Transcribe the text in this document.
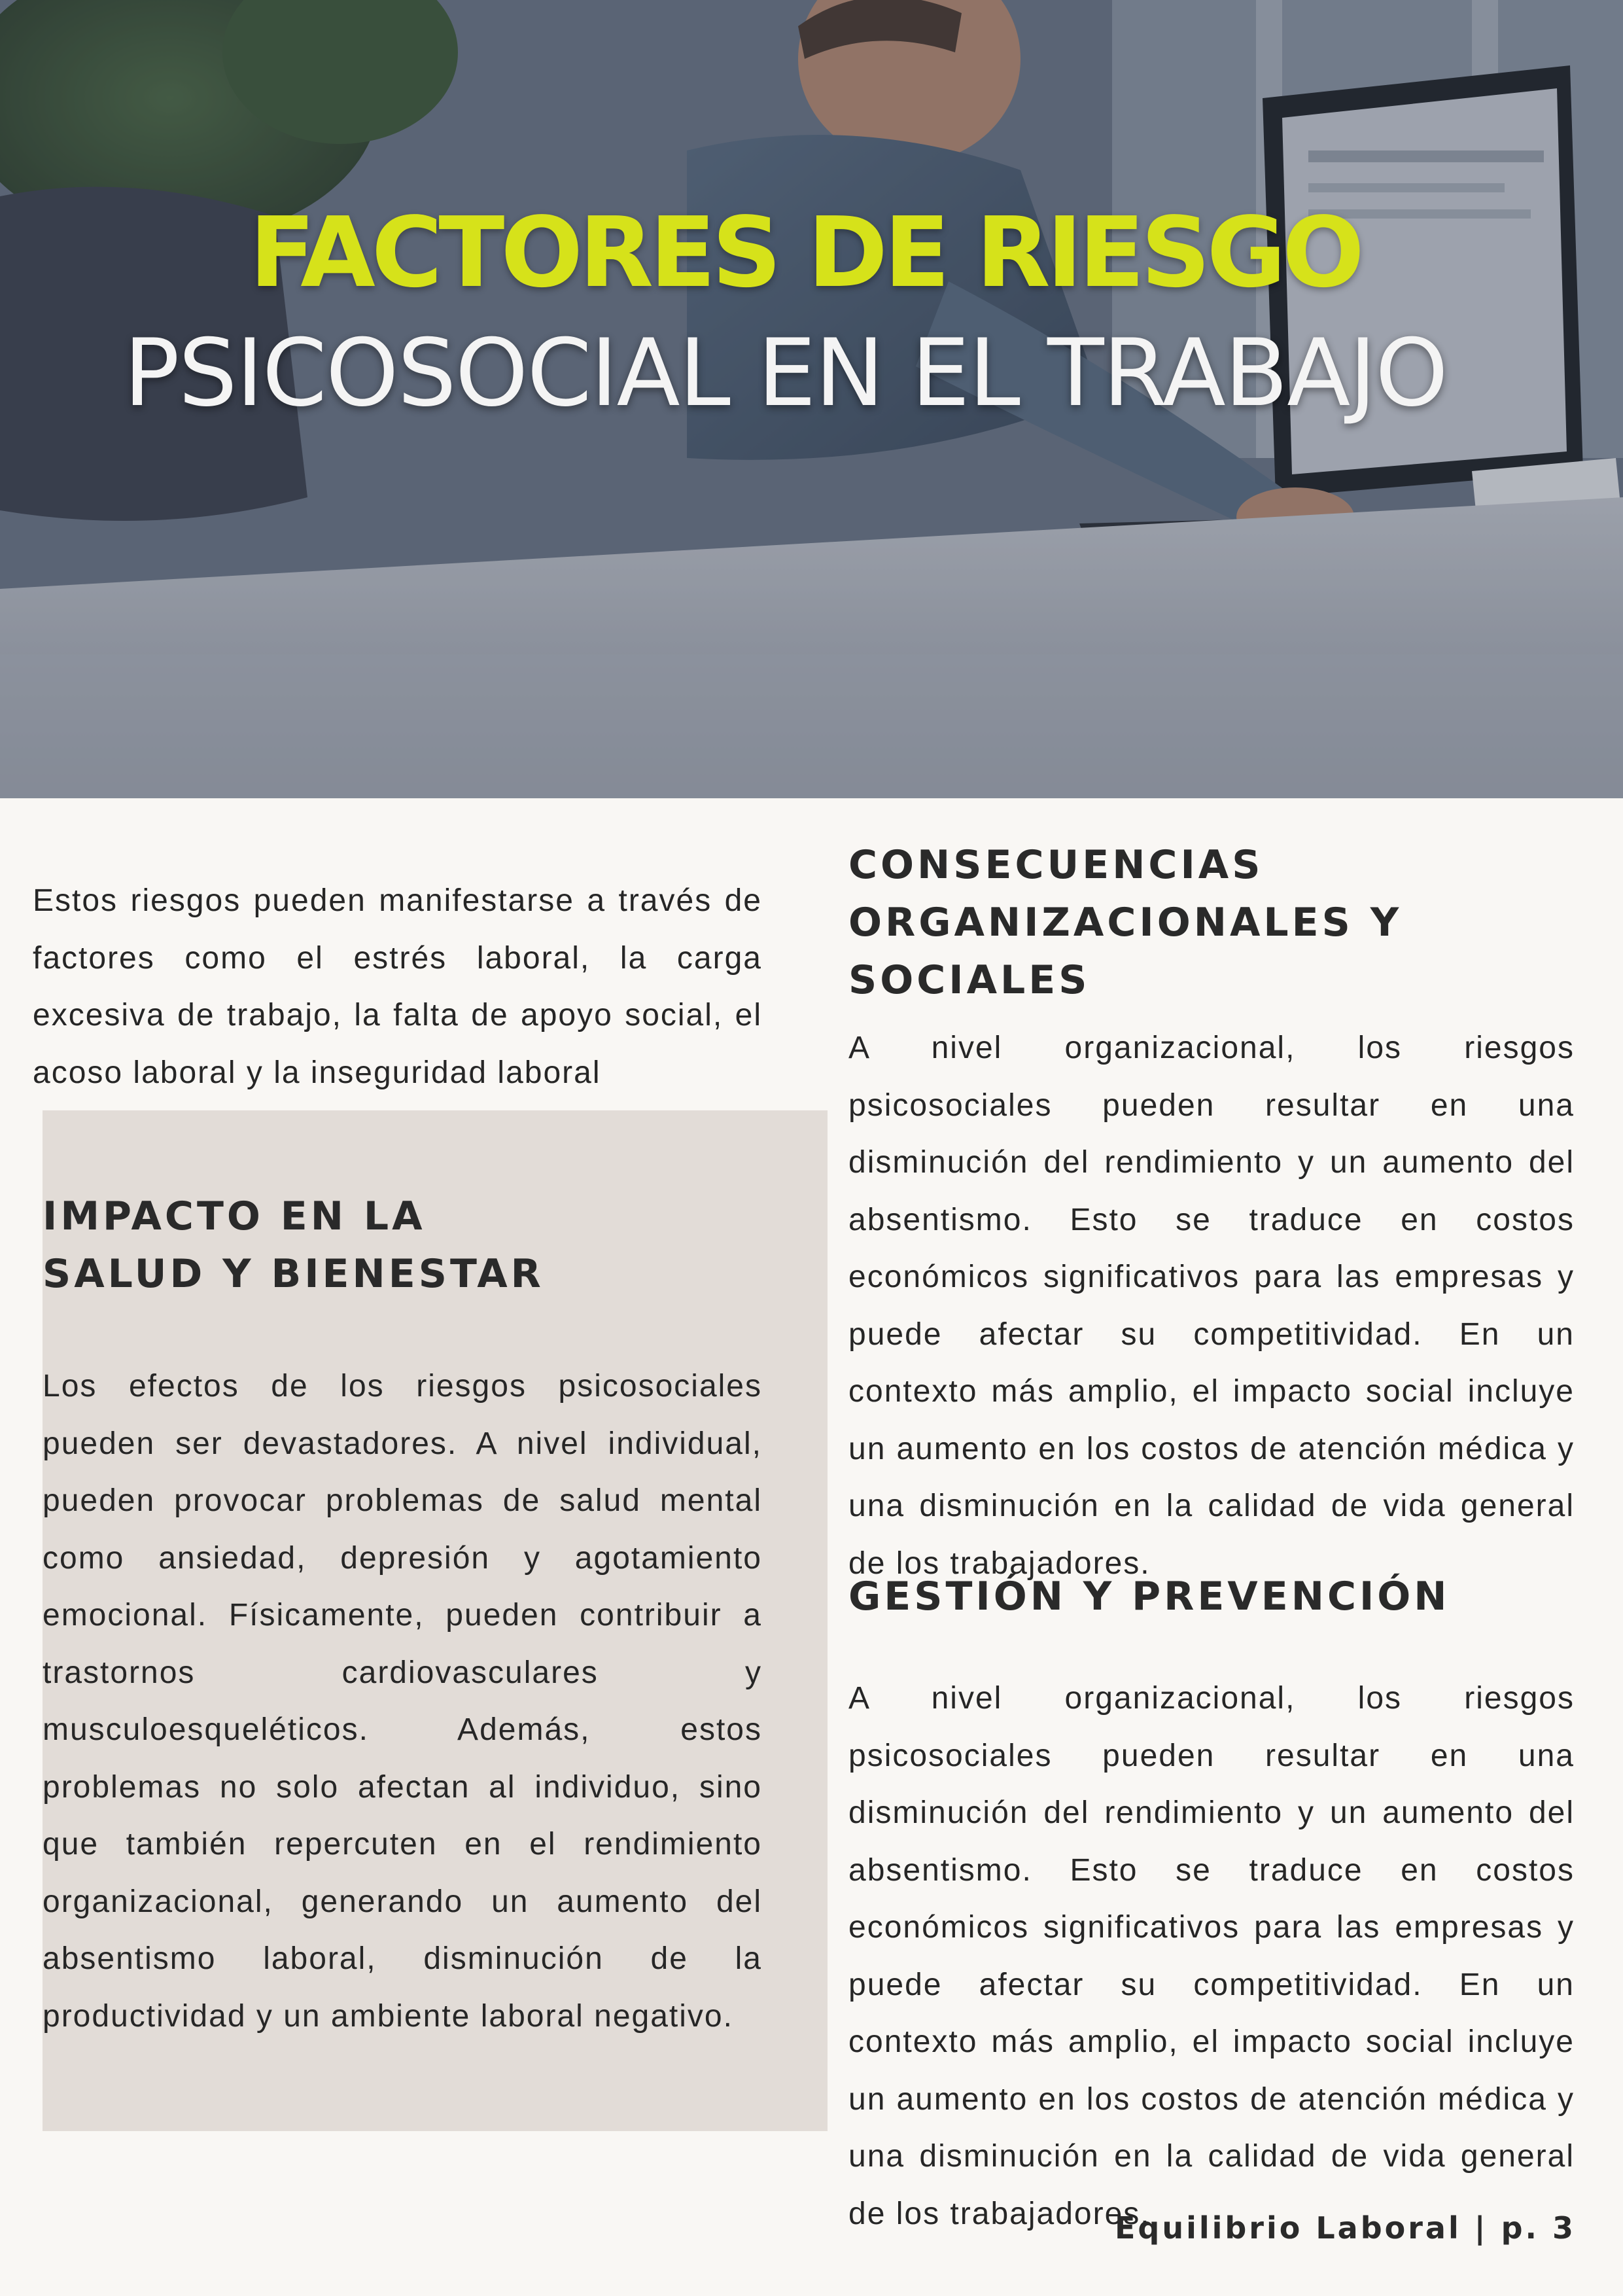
FACTORES DE RIESGO
PSICOSOCIAL EN EL TRABAJO

Estos riesgos pueden manifestarse a través de factores como el estrés laboral, la carga excesiva de trabajo, la falta de apoyo social, el acoso laboral y la inseguridad laboral

IMPACTO EN LA
SALUD Y BIENESTAR

Los efectos de los riesgos psicosociales pueden ser devastadores. A nivel individual, pueden provocar problemas de salud mental como ansiedad, depresión y agotamiento emocional. Físicamente, pueden contribuir a trastornos cardiovasculares y musculoesqueléticos. Además, estos problemas no solo afectan al individuo, sino que también repercuten en el rendimiento organizacional, generando un aumento del absentismo laboral, disminución de la productividad y un ambiente laboral negativo.

CONSECUENCIAS
ORGANIZACIONALES Y
SOCIALES

A nivel organizacional, los riesgos psicosociales pueden resultar en una disminución del rendimiento y un aumento del absentismo. Esto se traduce en costos económicos significativos para las empresas y puede afectar su competitividad. En un contexto más amplio, el impacto social incluye un aumento en los costos de atención médica y una disminución en la calidad de vida general de los trabajadores.

GESTIÓN Y PREVENCIÓN

A nivel organizacional, los riesgos psicosociales pueden resultar en una disminución del rendimiento y un aumento del absentismo. Esto se traduce en costos económicos significativos para las empresas y puede afectar su competitividad. En un contexto más amplio, el impacto social incluye un aumento en los costos de atención médica y una disminución en la calidad de vida general de los trabajadores.

Equilibrio Laboral | p. 3
